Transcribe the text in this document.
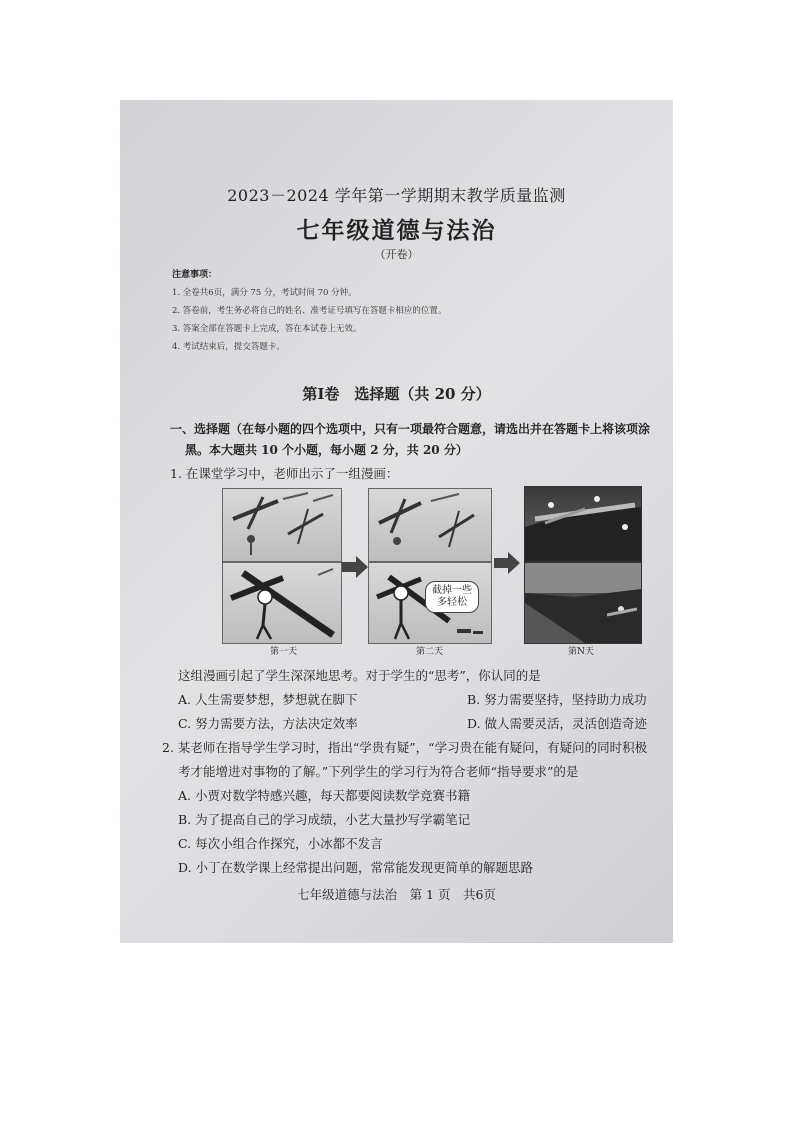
2023－2024 学年第一学期期末教学质量监测
七年级道德与法治
（开卷）
注意事项：
1. 全卷共6页，满分 75 分，考试时间 70 分钟。
2. 答卷前，考生务必将自己的姓名、准考证号填写在答题卡相应的位置。
3. 答案全部在答题卡上完成，答在本试卷上无效。
4. 考试结束后，提交答题卡。
第Ⅰ卷　选择题（共 20 分）
一、选择题（在每小题的四个选项中，只有一项最符合题意，请选出并在答题卡上将该项涂
黑。本大题共 10 个小题，每小题 2 分，共 20 分）
1. 在课堂学习中，老师出示了一组漫画：
截掉一些
多轻松
第一天	第二天	第N天
这组漫画引起了学生深深地思考。对于学生的“思考”，你认同的是
A. 人生需要梦想，梦想就在脚下	B. 努力需要坚持，坚持助力成功
C. 努力需要方法，方法决定效率	D. 做人需要灵活，灵活创造奇迹
2. 某老师在指导学生学习时，指出“学贵有疑”，“学习贵在能有疑问，有疑问的同时积极
考才能增进对事物的了解。”下列学生的学习行为符合老师“指导要求”的是
A. 小贾对数学特感兴趣，每天都要阅读数学竞赛书籍
B. 为了提高自己的学习成绩，小艺大量抄写学霸笔记
C. 每次小组合作探究，小冰都不发言
D. 小丁在数学课上经常提出问题，常常能发现更简单的解题思路
七年级道德与法治　第 1 页　共6页
